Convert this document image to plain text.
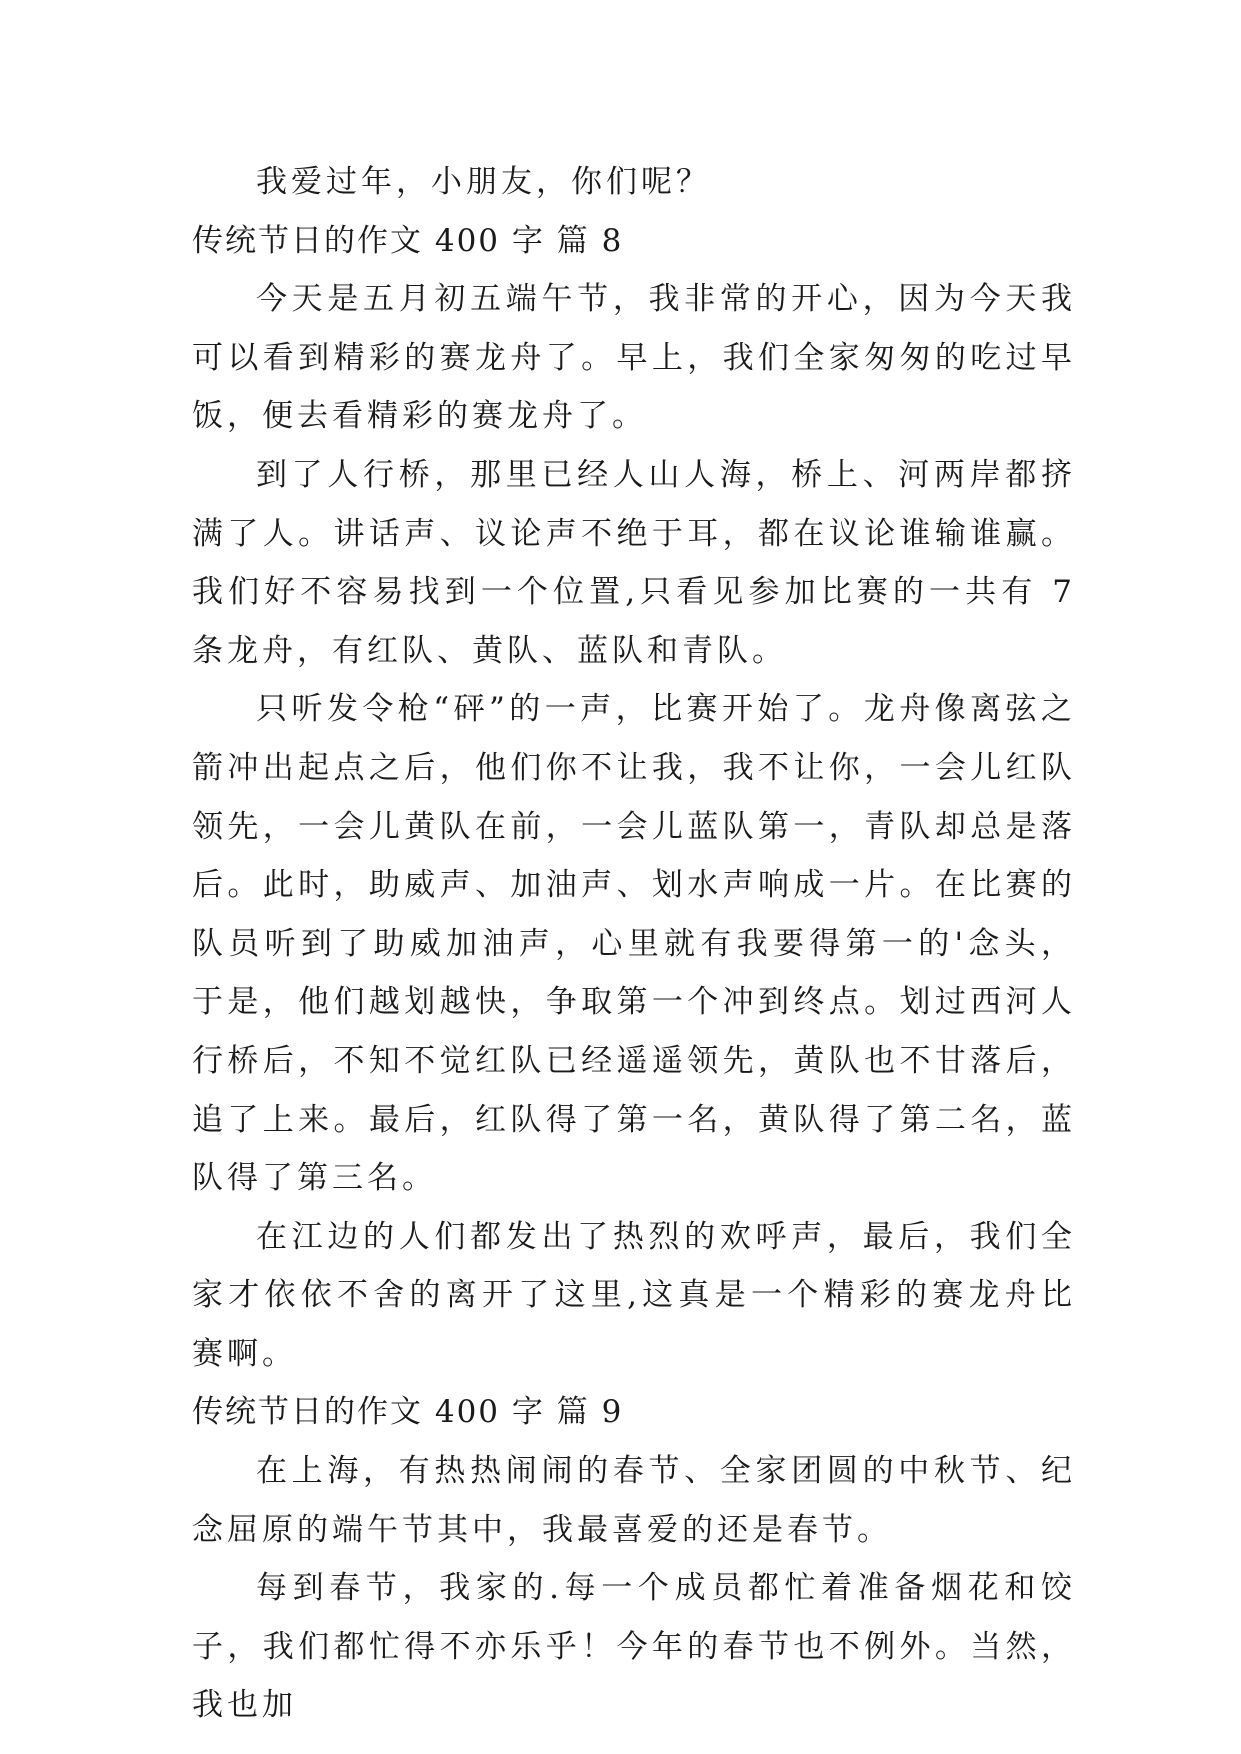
我爱过年，小朋友，你们呢？

传统节日的作文 400 字 篇 8

今天是五月初五端午节，我非常的开心，因为今天我可以看到精彩的赛龙舟了。早上，我们全家匆匆的吃过早饭，便去看精彩的赛龙舟了。

到了人行桥，那里已经人山人海，桥上、河两岸都挤满了人。讲话声、议论声不绝于耳，都在议论谁输谁赢。我们好不容易找到一个位置,只看见参加比赛的一共有 7 条龙舟，有红队、黄队、蓝队和青队。

只听发令枪“砰”的一声，比赛开始了。龙舟像离弦之箭冲出起点之后，他们你不让我，我不让你，一会儿红队领先，一会儿黄队在前，一会儿蓝队第一，青队却总是落后。此时，助威声、加油声、划水声响成一片。在比赛的队员听到了助威加油声，心里就有我要得第一的'念头，于是，他们越划越快，争取第一个冲到终点。划过西河人行桥后，不知不觉红队已经遥遥领先，黄队也不甘落后，追了上来。最后，红队得了第一名，黄队得了第二名，蓝队得了第三名。

在江边的人们都发出了热烈的欢呼声，最后，我们全家才依依不舍的离开了这里,这真是一个精彩的赛龙舟比赛啊。

传统节日的作文 400 字 篇 9

在上海，有热热闹闹的春节、全家团圆的中秋节、纪念屈原的端午节其中，我最喜爱的还是春节。

每到春节，我家的.每一个成员都忙着准备烟花和饺子，我们都忙得不亦乐乎！今年的春节也不例外。当然，我也加
